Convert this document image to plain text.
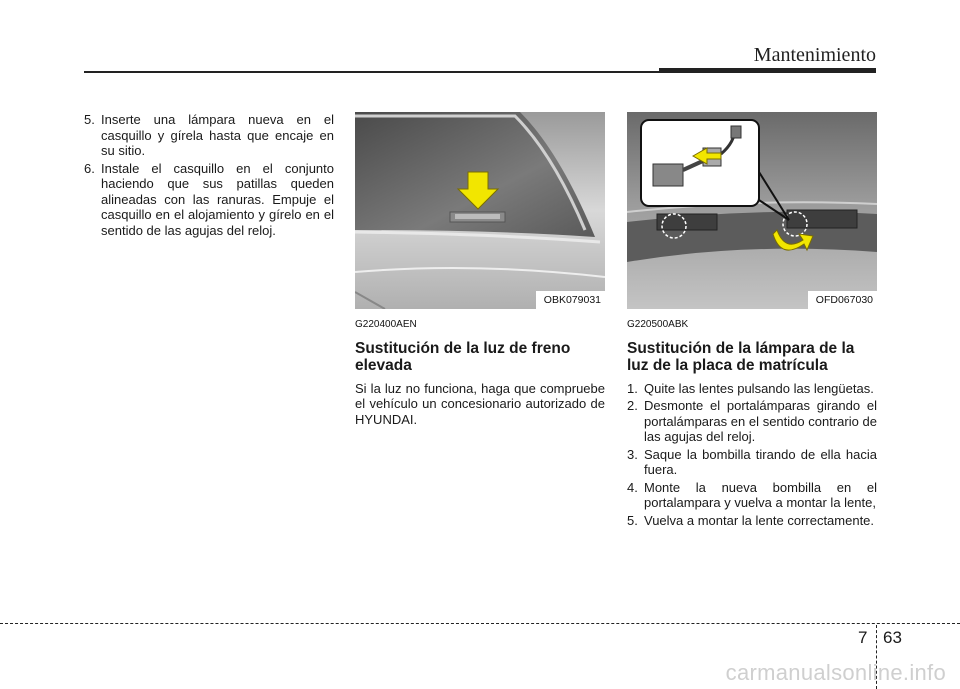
Mantenimiento
5. Inserte una lámpara nueva en el casquillo y gírela hasta que encaje en su sitio.
6. Instale el casquillo en el conjunto haciendo que sus patillas queden alineadas con las ranuras. Empuje el casquillo en el alojamiento y gírelo en el sentido de las agujas del reloj.
OBK079031
G220400AEN
Sustitución de la luz de freno elevada
Si la luz no funciona, haga que compruebe el vehículo un concesionario autorizado de HYUNDAI.
OFD067030
G220500ABK
Sustitución de la lámpara de la luz de la placa de matrícula
1. Quite las lentes pulsando las lengüetas.
2. Desmonte el portalámparas girando el portalámparas en el sentido contrario de las agujas del reloj.
3. Saque la bombilla tirando de ella hacia fuera.
4. Monte la nueva bombilla en el portalampara y vuelva a montar la lente,
5. Vuelva a montar la lente correctamente.
7 63
carmanualsonline.info
